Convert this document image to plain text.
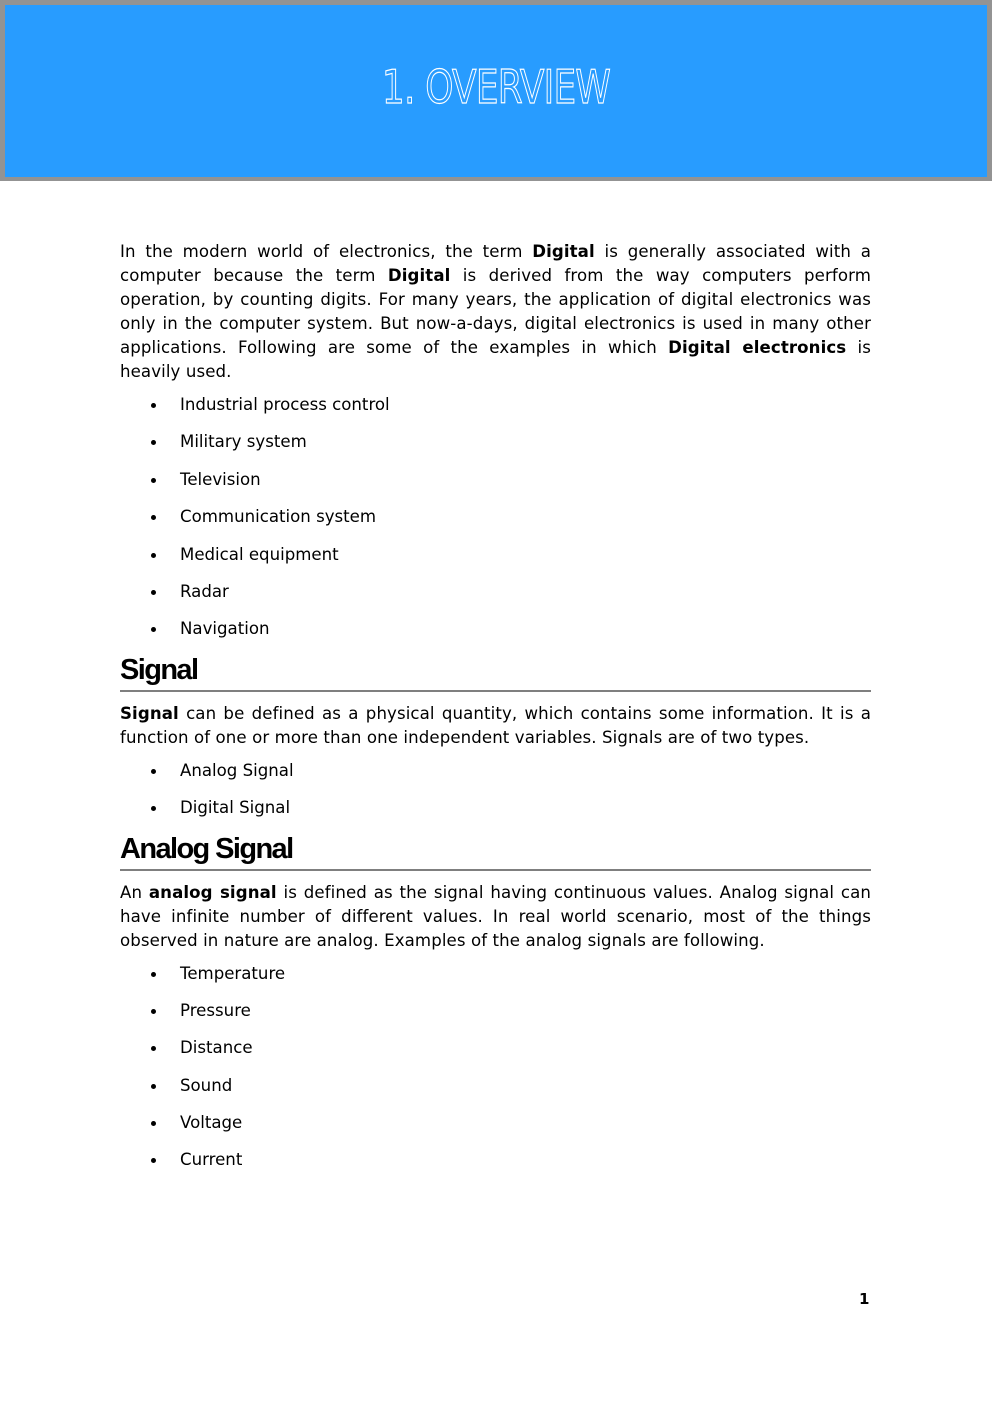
1. OVERVIEW

In the modern world of electronics, the term Digital is generally associated with a computer because the term Digital is derived from the way computers perform operation, by counting digits. For many years, the application of digital electronics was only in the computer system. But now-a-days, digital electronics is used in many other applications. Following are some of the examples in which Digital electronics is heavily used.

Industrial process control
Military system
Television
Communication system
Medical equipment
Radar
Navigation
Signal

Signal can be defined as a physical quantity, which contains some information. It is a function of one or more than one independent variables. Signals are of two types.

Analog Signal
Digital Signal
Analog Signal

An analog signal is defined as the signal having continuous values. Analog signal can have infinite number of different values. In real world scenario, most of the things observed in nature are analog. Examples of the analog signals are following.

Temperature
Pressure
Distance
Sound
Voltage
Current
1
